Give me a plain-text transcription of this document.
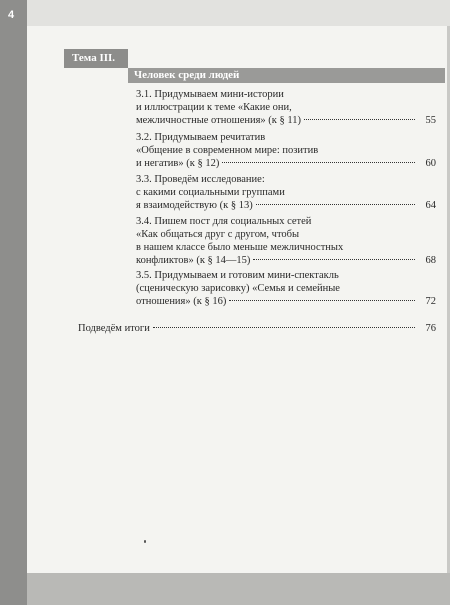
4
Тема III.
Человек среди людей
3.1. Придумываем мини-истории
и иллюстрации к теме «Какие они,
межличностные отношения» (к § 11)	55
3.2. Придумываем речитатив
«Общение в современном мире: позитив
и негатив» (к § 12)	60
3.3. Проведём исследование:
с какими социальными группами
я взаимодействую (к § 13)	64
3.4. Пишем пост для социальных сетей
«Как общаться друг с другом, чтобы
в нашем классе было меньше межличностных
конфликтов» (к § 14—15)	68
3.5. Придумываем и готовим мини-спектакль
(сценическую зарисовку) «Семья и семейные
отношения» (к § 16)	72
Подведём итоги	76
